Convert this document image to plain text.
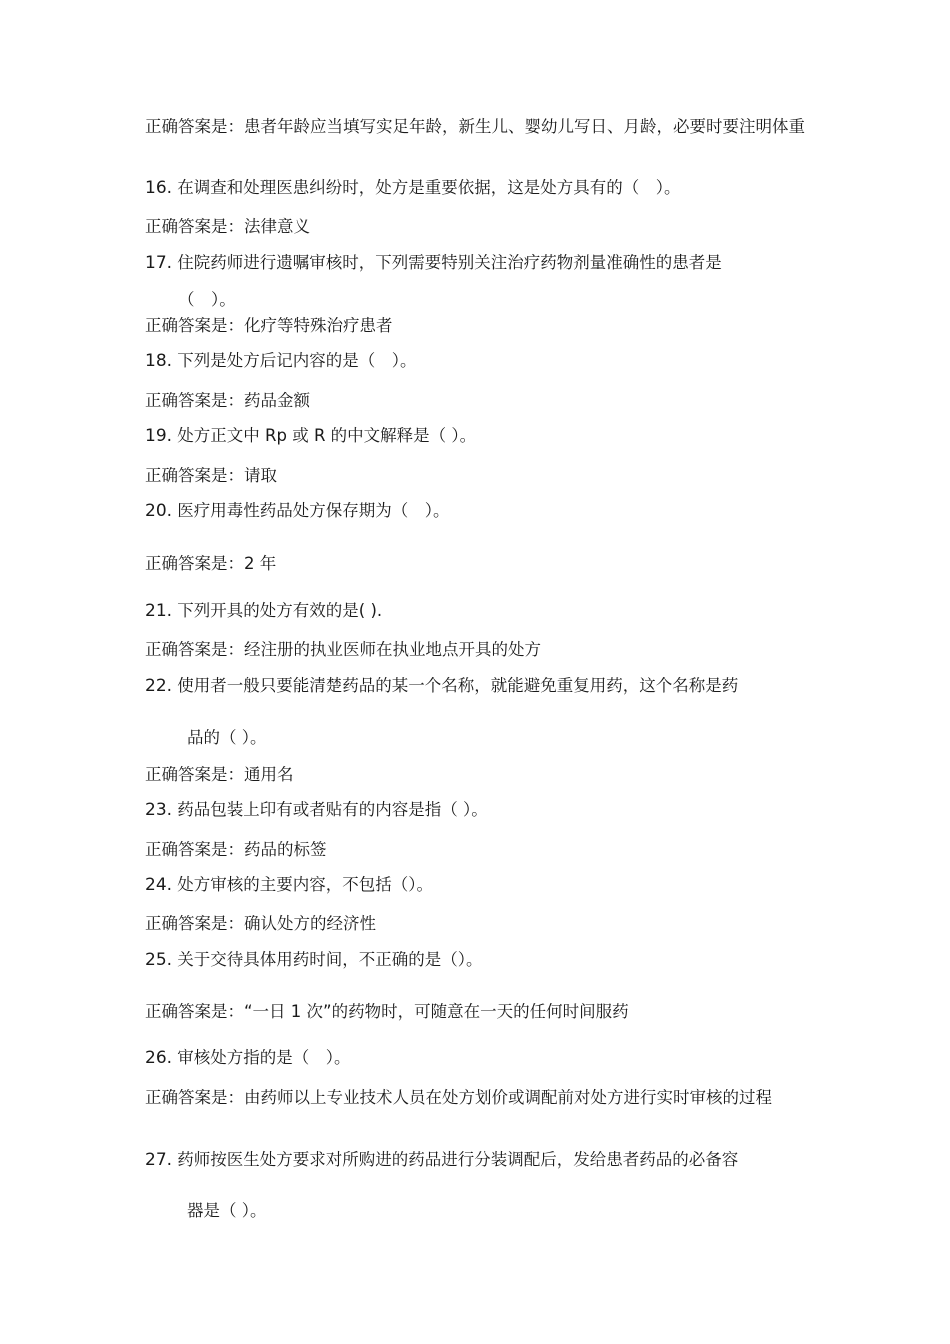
正确答案是：患者年龄应当填写实足年龄，新生儿、婴幼儿写日、月龄，必要时要注明体重

16. 在调查和处理医患纠纷时，处方是重要依据，这是处方具有的（　）。

正确答案是：法律意义

17. 住院药师进行遗嘱审核时，下列需要特别关注治疗药物剂量准确性的患者是

（　）。

正确答案是：化疗等特殊治疗患者

18. 下列是处方后记内容的是（　）。

正确答案是：药品金额

19. 处方正文中 Rp 或 R 的中文解释是（ ）。

正确答案是：请取

20. 医疗用毒性药品处方保存期为（　）。

正确答案是：2 年

21. 下列开具的处方有效的是( ).

正确答案是：经注册的执业医师在执业地点开具的处方

22. 使用者一般只要能清楚药品的某一个名称，就能避免重复用药，这个名称是药

品的（ ）。

正确答案是：通用名

23. 药品包装上印有或者贴有的内容是指（ ）。

正确答案是：药品的标签

24. 处方审核的主要内容，不包括（）。

正确答案是：确认处方的经济性

25. 关于交待具体用药时间，不正确的是（）。

正确答案是：“一日 1 次”的药物时，可随意在一天的任何时间服药

26. 审核处方指的是（　）。

正确答案是：由药师以上专业技术人员在处方划价或调配前对处方进行实时审核的过程

27. 药师按医生处方要求对所购进的药品进行分装调配后，发给患者药品的必备容

器是（ ）。
